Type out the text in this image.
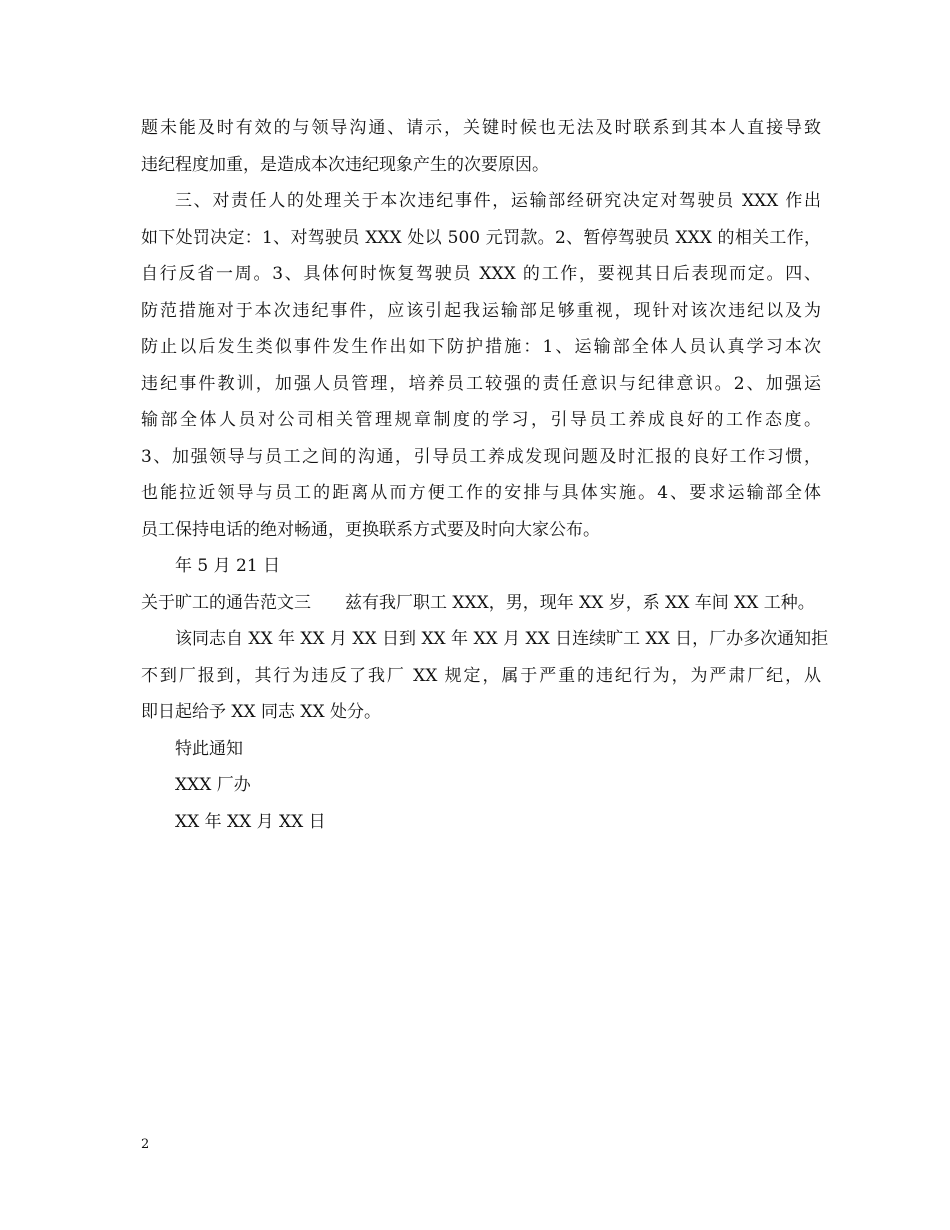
题未能及时有效的与领导沟通、请示，关键时候也无法及时联系到其本人直接导致
违纪程度加重，是造成本次违纪现象产生的次要原因。
三、对责任人的处理关于本次违纪事件，运输部经研究决定对驾驶员 XXX 作出
如下处罚决定：1、对驾驶员 XXX 处以 500 元罚款。2、暂停驾驶员 XXX 的相关工作，
自行反省一周。3、具体何时恢复驾驶员 XXX 的工作，要视其日后表现而定。四、
防范措施对于本次违纪事件，应该引起我运输部足够重视，现针对该次违纪以及为
防止以后发生类似事件发生作出如下防护措施：1、运输部全体人员认真学习本次
违纪事件教训，加强人员管理，培养员工较强的责任意识与纪律意识。2、加强运
输部全体人员对公司相关管理规章制度的学习，引导员工养成良好的工作态度。
3、加强领导与员工之间的沟通，引导员工养成发现问题及时汇报的良好工作习惯，
也能拉近领导与员工的距离从而方便工作的安排与具体实施。4、要求运输部全体
员工保持电话的绝对畅通，更换联系方式要及时向大家公布。
年 5 月 21 日
关于旷工的通告范文三 兹有我厂职工 XXX，男，现年 XX 岁，系 XX 车间 XX 工种。
该同志自 XX 年 XX 月 XX 日到 XX 年 XX 月 XX 日连续旷工 XX 日，厂办多次通知拒
不到厂报到，其行为违反了我厂 XX 规定，属于严重的违纪行为，为严肃厂纪，从
即日起给予 XX 同志 XX 处分。
特此通知
XXX 厂办
XX 年 XX 月 XX 日
2
